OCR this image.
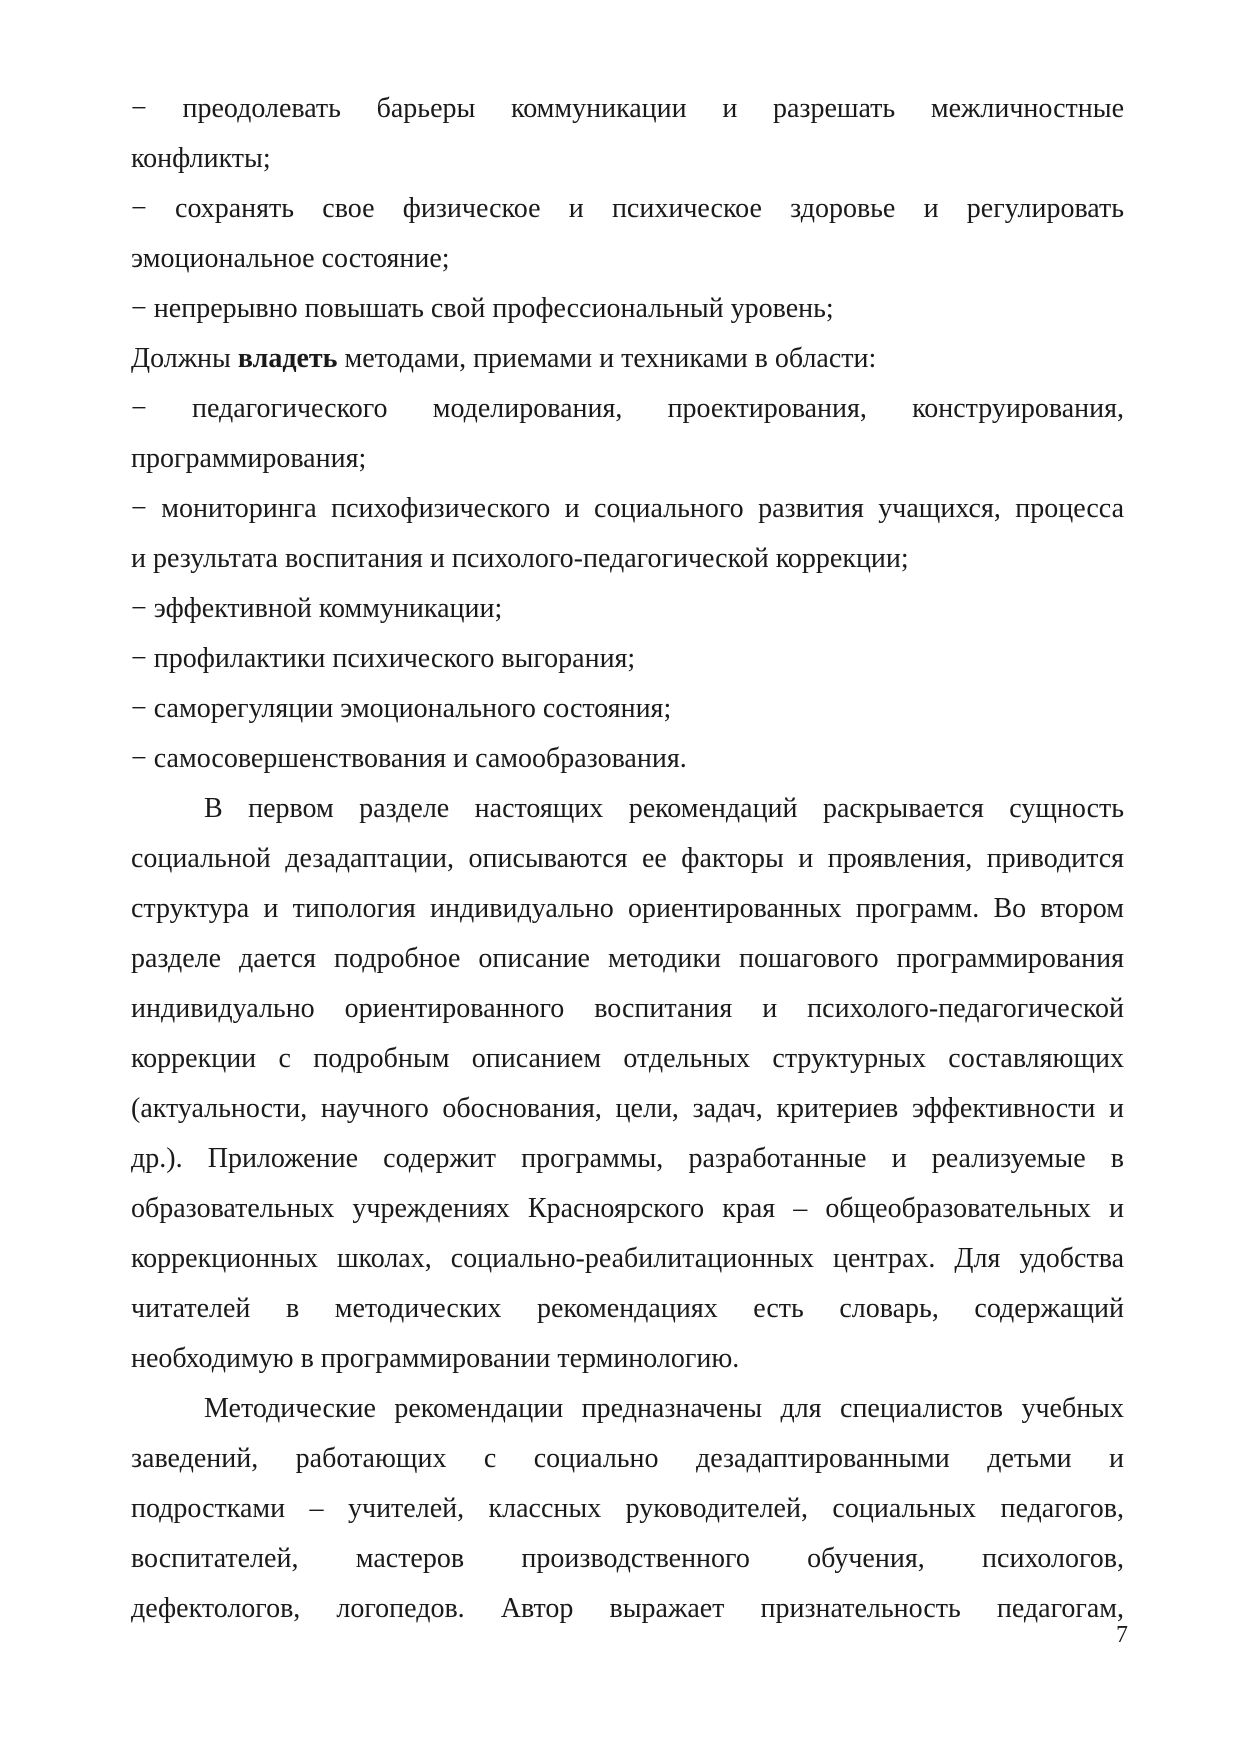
− преодолевать барьеры коммуникации и разрешать межличностные
конфликты;
− сохранять свое физическое и психическое здоровье и регулировать
эмоциональное состояние;
− непрерывно повышать свой профессиональный уровень;
Должны владеть методами, приемами и техниками в области:
− педагогического моделирования, проектирования, конструирования,
программирования;
− мониторинга психофизического и социального развития учащихся, процесса
и результата воспитания и психолого-педагогической коррекции;
− эффективной коммуникации;
− профилактики психического выгорания;
− саморегуляции эмоционального состояния;
− самосовершенствования и самообразования.
В первом разделе настоящих рекомендаций раскрывается сущность
социальной дезадаптации, описываются ее факторы и проявления, приводится
структура и типология индивидуально ориентированных программ. Во втором
разделе дается подробное описание методики пошагового программирования
индивидуально ориентированного воспитания и психолого-педагогической
коррекции с подробным описанием отдельных структурных составляющих
(актуальности, научного обоснования, цели, задач, критериев эффективности и
др.). Приложение содержит программы, разработанные и реализуемые в
образовательных учреждениях Красноярского края – общеобразовательных и
коррекционных школах, социально-реабилитационных центрах. Для удобства
читателей в методических рекомендациях есть словарь, содержащий
необходимую в программировании терминологию.
Методические рекомендации предназначены для специалистов учебных
заведений, работающих с социально дезадаптированными детьми и
подростками – учителей, классных руководителей, социальных педагогов,
воспитателей, мастеров производственного обучения, психологов,
дефектологов, логопедов. Автор выражает признательность педагогам,
7
